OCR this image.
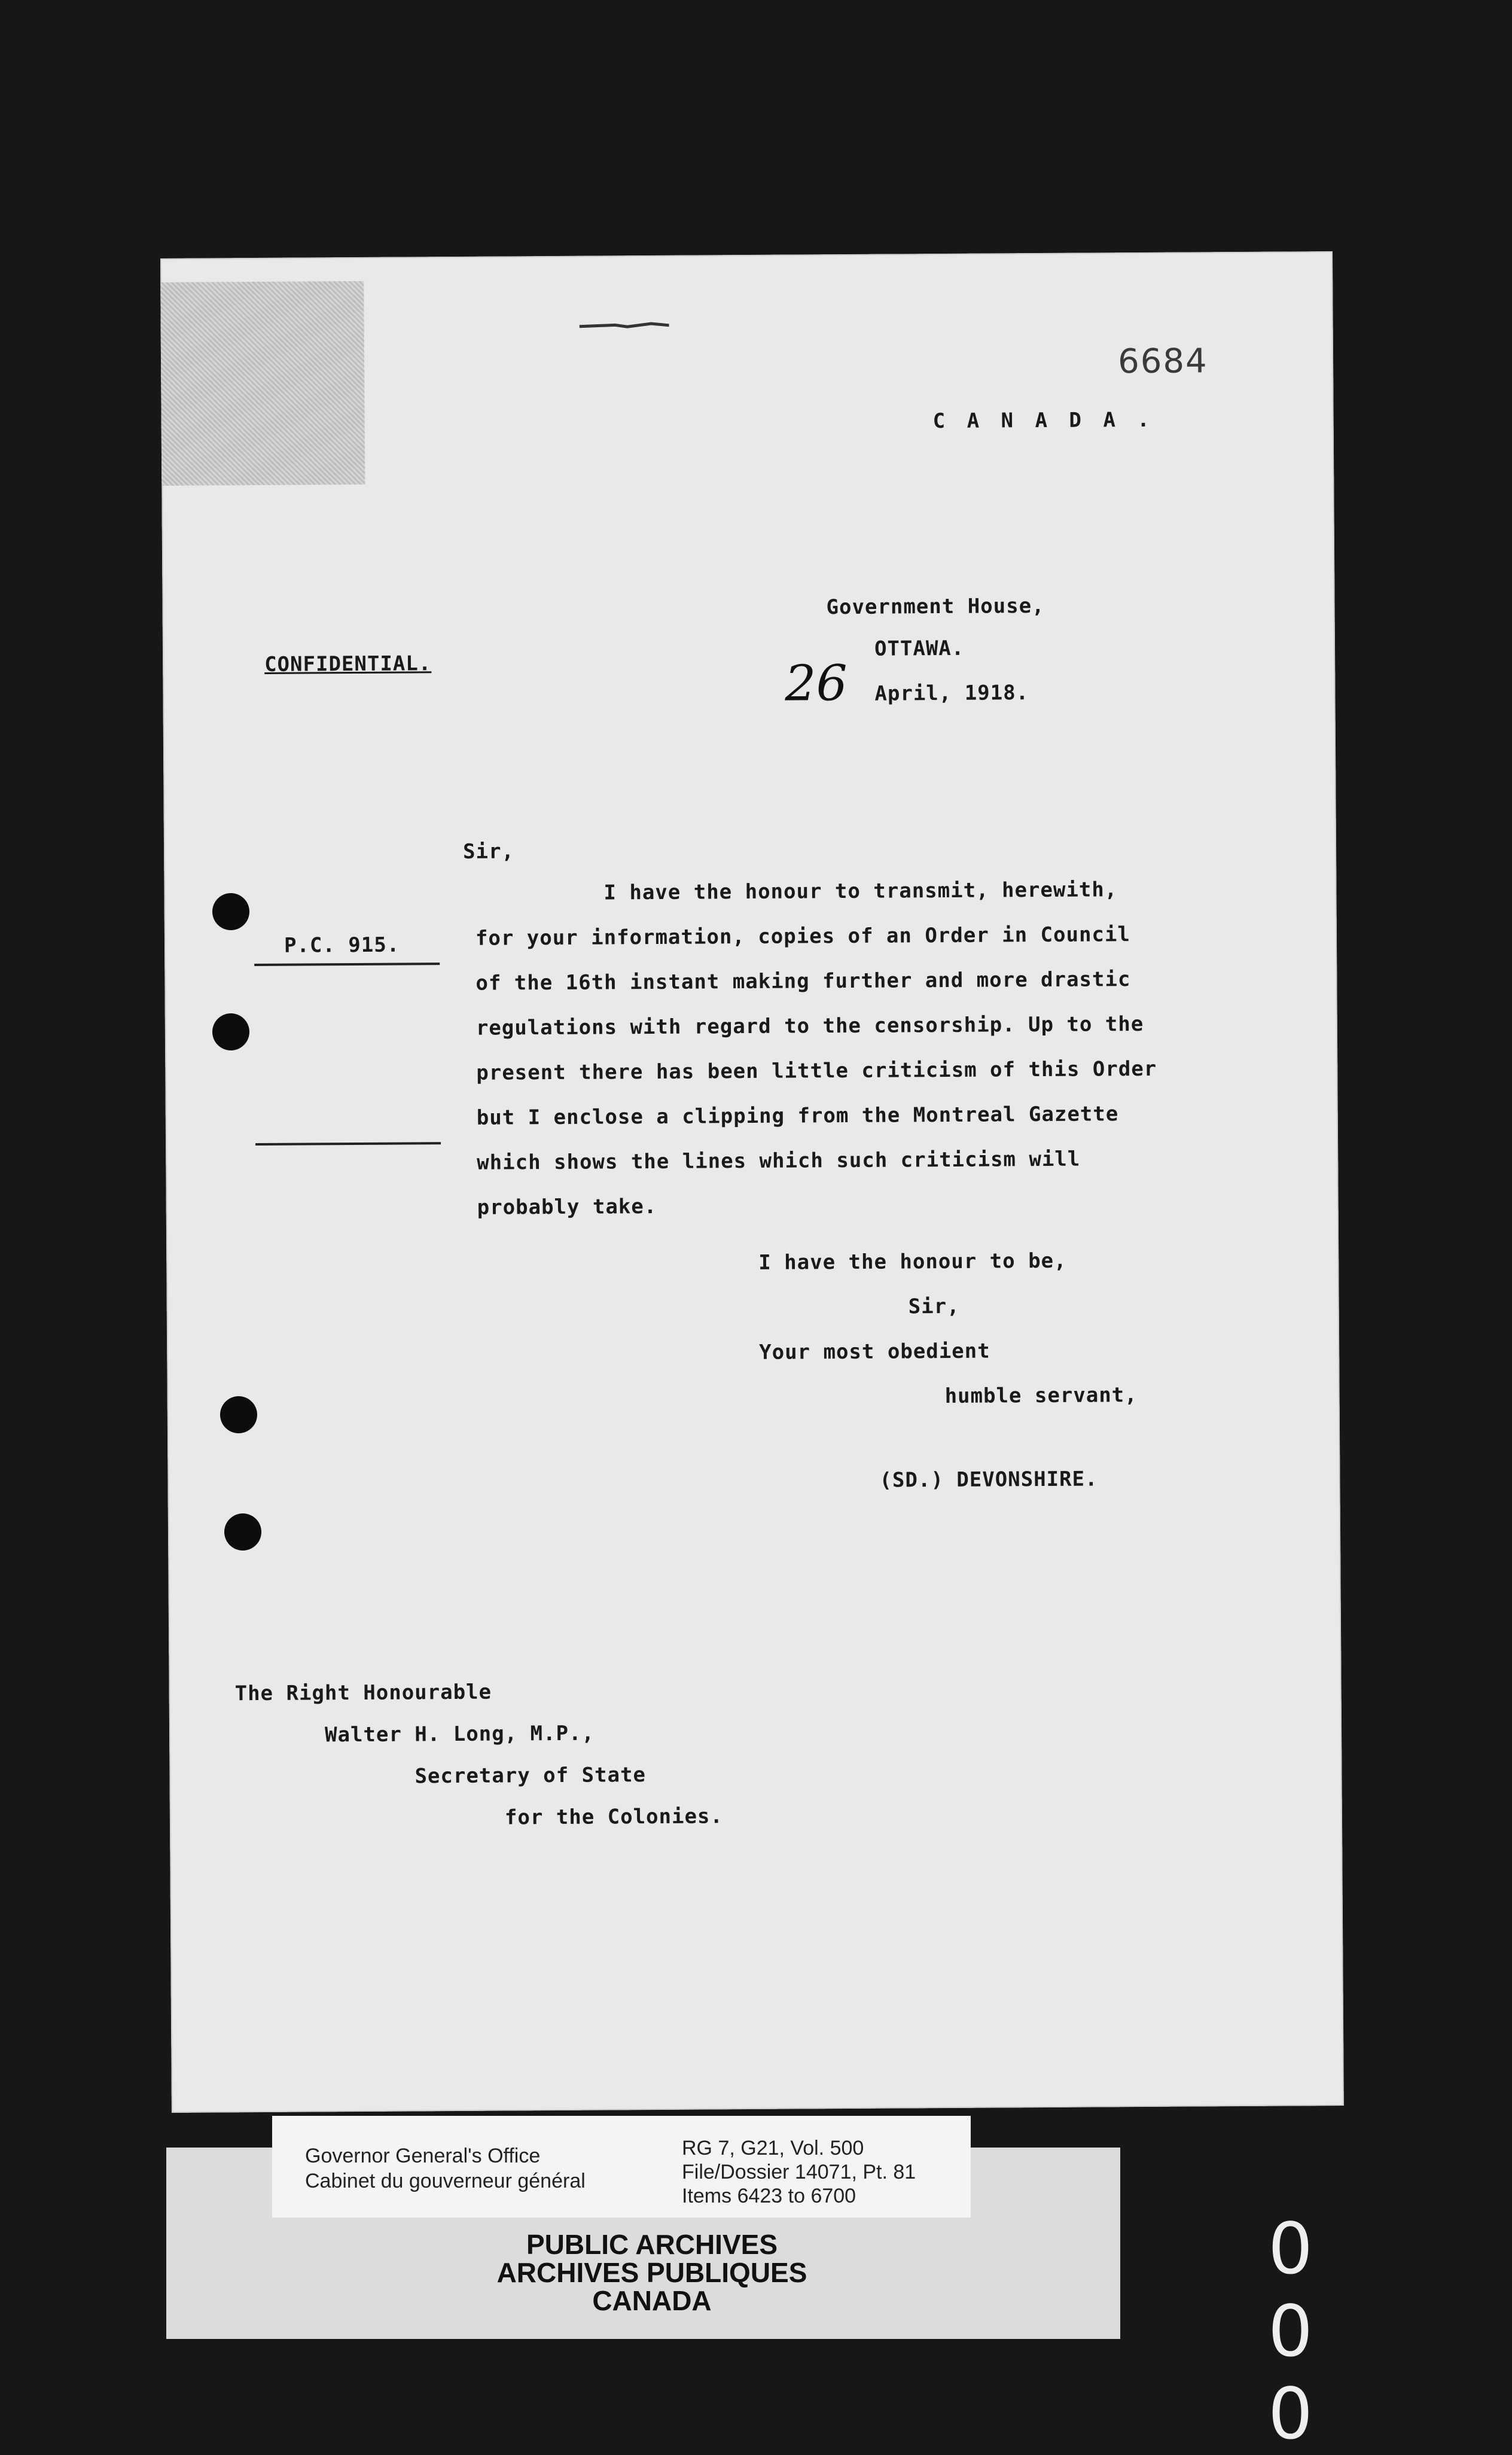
6684
C A N A D A .
Government House,
OTTAWA.
CONFIDENTIAL.	26 April, 1918.
Sir,
P.C. 915.
I have the honour to transmit, herewith,
for your information, copies of an Order in Council
of the 16th instant making further and more drastic
regulations with regard to the censorship. Up to the
present there has been little criticism of this Order
but I enclose a clipping from the Montreal Gazette
which shows the lines which such criticism will
probably take.
I have the honour to be,
Sir,
Your most obedient
humble servant,
(SD.) DEVONSHIRE.
The Right Honourable
Walter H. Long, M.P.,
Secretary of State
for the Colonies.
Governor General's Office
Cabinet du gouverneur général
RG 7, G21, Vol. 500
File/Dossier 14071, Pt. 81
Items 6423 to 6700
PUBLIC ARCHIVES
ARCHIVES PUBLIQUES
CANADA
0 0 0
